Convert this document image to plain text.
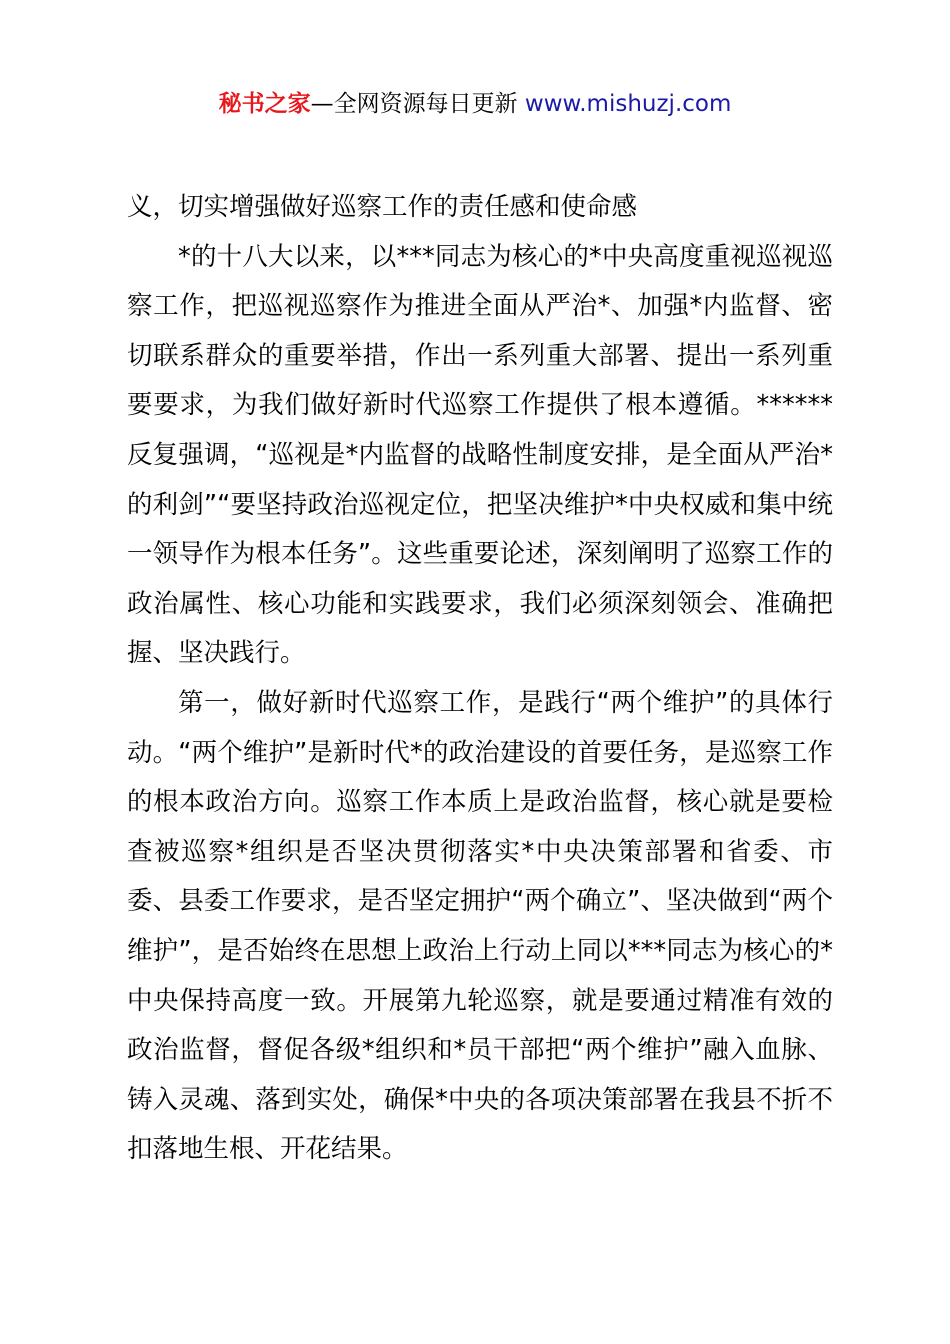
秘书之家—全网资源每日更新 www.mishuzj.com

义，切实增强做好巡察工作的责任感和使命感

*的十八大以来，以***同志为核心的*中央高度重视巡视巡察工作，把巡视巡察作为推进全面从严治*、加强*内监督、密切联系群众的重要举措，作出一系列重大部署、提出一系列重要要求，为我们做好新时代巡察工作提供了根本遵循。******反复强调，“巡视是*内监督的战略性制度安排，是全面从严治*的利剑”“要坚持政治巡视定位，把坚决维护*中央权威和集中统一领导作为根本任务”。这些重要论述，深刻阐明了巡察工作的政治属性、核心功能和实践要求，我们必须深刻领会、准确把握、坚决践行。

第一，做好新时代巡察工作，是践行“两个维护”的具体行动。“两个维护”是新时代*的政治建设的首要任务，是巡察工作的根本政治方向。巡察工作本质上是政治监督，核心就是要检查被巡察*组织是否坚决贯彻落实*中央决策部署和省委、市委、县委工作要求，是否坚定拥护“两个确立”、坚决做到“两个维护”，是否始终在思想上政治上行动上同以***同志为核心的*中央保持高度一致。开展第九轮巡察，就是要通过精准有效的政治监督，督促各级*组织和*员干部把“两个维护”融入血脉、铸入灵魂、落到实处，确保*中央的各项决策部署在我县不折不扣落地生根、开花结果。
